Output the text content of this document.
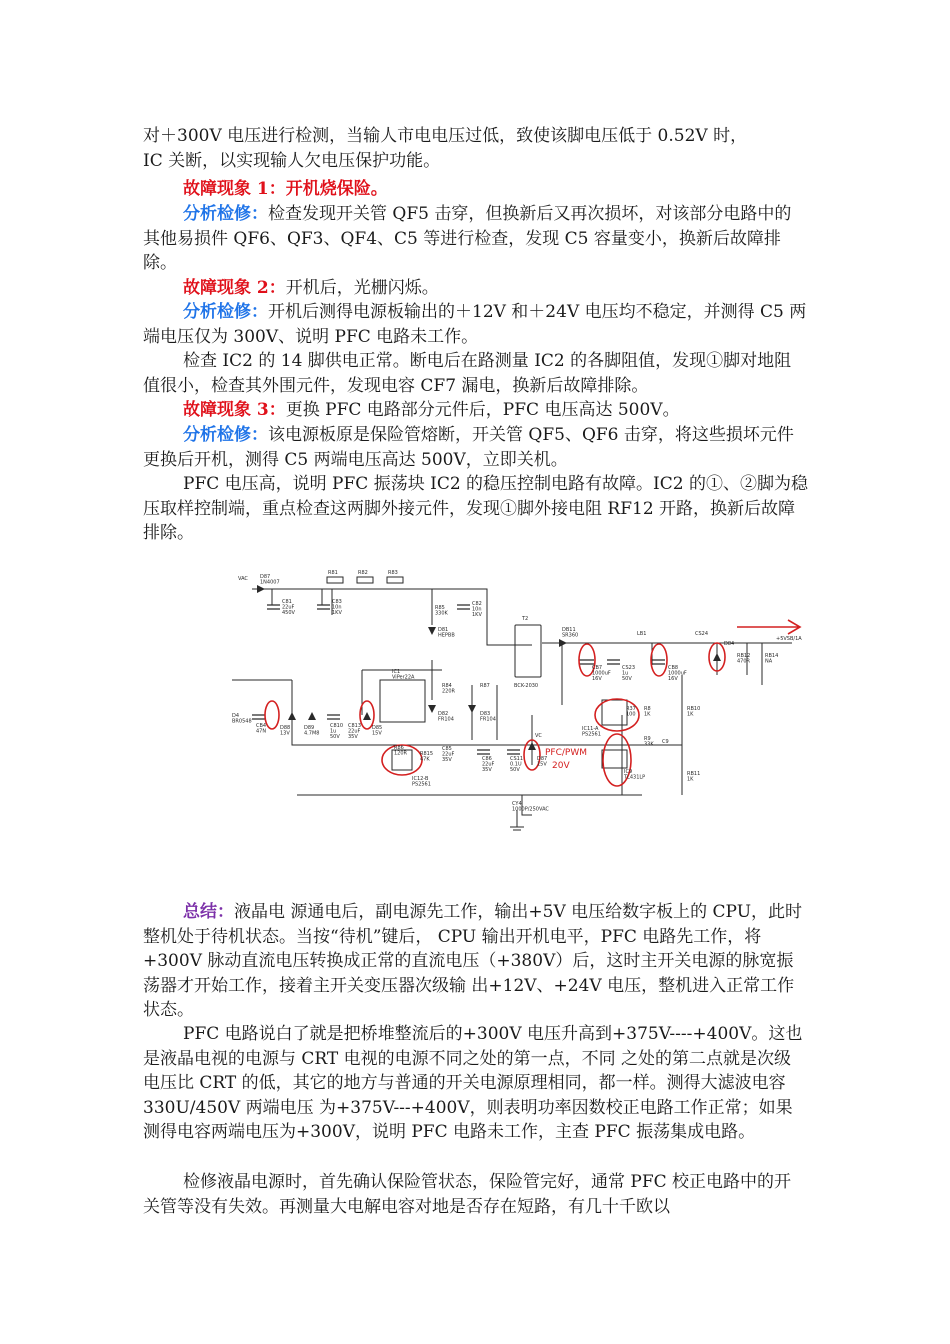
对＋300V 电压进行检测，当输人市电电压过低，致使该脚电压低于 0.52V 时，
IC 关断，以实现输人欠电压保护功能。

故障现象 1：开机烧保险。

分析检修：检查发现开关管 QF5 击穿，但换新后又再次损坏，对该部分电路中的其他易损件 QF6、QF3、QF4、C5 等进行检查，发现 C5 容量变小，换新后故障排除。

故障现象 2：开机后，光栅闪烁。

分析检修：开机后测得电源板输出的＋12V 和＋24V 电压均不稳定，并测得 C5 两端电压仅为 300V、说明 PFC 电路未工作。

检查 IC2 的 14 脚供电正常。断电后在路测量 IC2 的各脚阻值，发现①脚对地阻值很小，检查其外围元件，发现电容 CF7 漏电，换新后故障排除。

故障现象 3：更换 PFC 电路部分元件后，PFC 电压高达 500V。

分析检修：该电源板原是保险管熔断，开关管 QF5、QF6 击穿，将这些损坏元件更换后开机，测得 C5 两端电压高达 500V，立即关机。

PFC 电压高，说明 PFC 振荡块 IC2 的稳压控制电路有故障。IC2 的①、②脚为稳压取样控制端，重点检查这两脚外接元件，发现①脚外接电阻 RF12 开路，换新后故障排除。

VAC D87 1N4007
C81 22uF 450V
C83 10n 1KV
R81	R82	R83
R85 330K
C82 10n 1KV
D81 HEPBB
T2
BCK-2030
DB11 SR360	LB1	CS24
D84
RB12 470R
RB14 NA
+5VSB/1A
CB7 1000uF 16V
CS23 1u 50V
CB8 1000uF 16V
IC1 ViPer22A
R84 220R
R87
D82 FR104
D83 FR104
D4 BR0548
CB4 47N
D88 13V
D89 4.7M8
C810 1u 50V
C813 22uF 35V
D85 15V
R86 120R	R815 47K
C85 22uF 35V	C86 22uF 35V
CS11 0.1U 50V
D87 15V
VC
IC12-B PS2561
R37 100
R8 1K
IC11-A PS2561
R9 33K C9
IC9 TL431LP
RB10 1K
RB11 1K
CY4 1000P/250VAC
PFC/PWM
20V

总结：液晶电 源通电后，副电源先工作，输出+5V 电压给数字板上的 CPU，此时整机处于待机状态。当按“待机”键后， CPU 输出开机电平，PFC 电路先工作，将+300V 脉动直流电压转换成正常的直流电压（+380V）后，这时主开关电源的脉宽振荡器才开始工作，接着主开关变压器次级输 出+12V、+24V 电压，整机进入正常工作状态。

PFC 电路说白了就是把桥堆整流后的+300V 电压升高到+375V----+400V。这也是液晶电视的电源与 CRT 电视的电源不同之处的第一点，不同 之处的第二点就是次级电压比 CRT 的低，其它的地方与普通的开关电源原理相同，都一样。测得大滤波电容 330U/450V 两端电压 为+375V---+400V，则表明功率因数校正电路工作正常；如果测得电容两端电压为+300V，说明 PFC 电路未工作，主查 PFC 振荡集成电路。

检修液晶电源时，首先确认保险管状态，保险管完好，通常 PFC 校正电路中的开关管等没有失效。再测量大电解电容对地是否存在短路，有几十千欧以
